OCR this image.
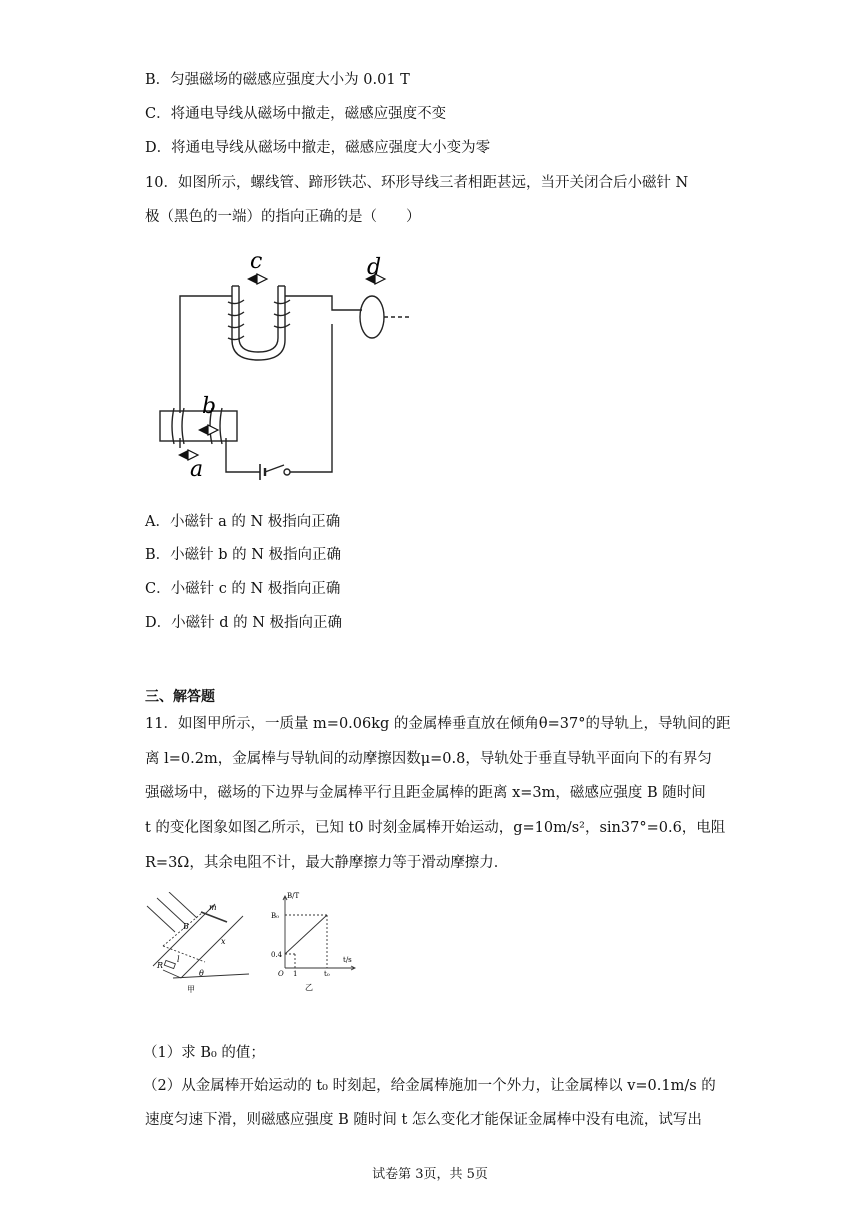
B．匀强磁场的磁感应强度大小为 0.01 T
C．将通电导线从磁场中撤走，磁感应强度不变
D．将通电导线从磁场中撤走，磁感应强度大小变为零
10．如图所示，螺线管、蹄形铁芯、环形导线三者相距甚远，当开关闭合后小磁针 N
极（黑色的一端）的指向正确的是（　　）
c	d
b
a
A．小磁针 a 的 N 极指向正确
B．小磁针 b 的 N 极指向正确
C．小磁针 c 的 N 极指向正确
D．小磁针 d 的 N 极指向正确
三、解答题
11．如图甲所示，一质量 m=0.06kg 的金属棒垂直放在倾角θ=37°的导轨上，导轨间的距
离 l=0.2m，金属棒与导轨间的动摩擦因数μ=0.8，导轨处于垂直导轨平面向下的有界匀
强磁场中，磁场的下边界与金属棒平行且距金属棒的距离 x=3m，磁感应强度 B 随时间
t 的变化图象如图乙所示，已知 t0 时刻金属棒开始运动，g=10m/s²，sin37°=0.6，电阻
R=3Ω，其余电阻不计，最大静摩擦力等于滑动摩擦力．
B
m
x
l
R
θ
甲
B/T
t/s
O
B₀
0.4
1	t₀
乙
（1）求 B₀ 的值；
（2）从金属棒开始运动的 t₀ 时刻起，给金属棒施加一个外力，让金属棒以 v=0.1m/s 的
速度匀速下滑，则磁感应强度 B 随时间 t 怎么变化才能保证金属棒中没有电流，试写出
试卷第 3页，共 5页
